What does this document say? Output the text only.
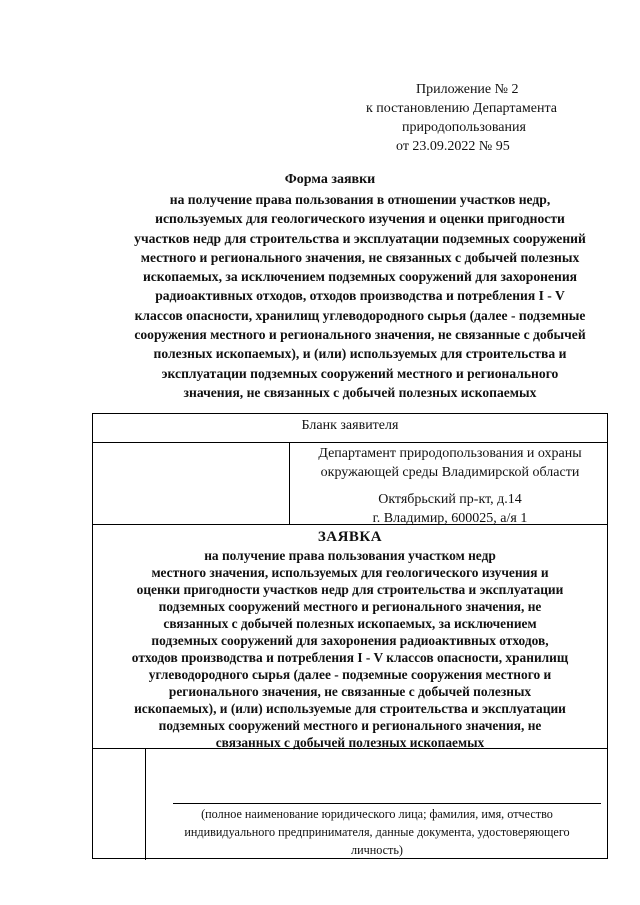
Приложение № 2
к постановлению Департамента
природопользования
от 23.09.2022 № 95
Форма заявки
на получение права пользования в отношении участков недр,
используемых для геологического изучения и оценки пригодности
участков недр для строительства и эксплуатации подземных сооружений
местного и регионального значения, не связанных с добычей полезных
ископаемых, за исключением подземных сооружений для захоронения
радиоактивных отходов, отходов производства и потребления I - V
классов опасности, хранилищ углеводородного сырья (далее - подземные
сооружения местного и регионального значения, не связанные с добычей
полезных ископаемых), и (или) используемых для строительства и
эксплуатации подземных сооружений местного и регионального
значения, не связанных с добычей полезных ископаемых
Бланк заявителя
Департамент природопользования и охраны
окружающей среды Владимирской области
Октябрьский пр-кт, д.14
г. Владимир, 600025, а/я 1
ЗАЯВКА
на получение права пользования участком недр
местного значения, используемых для геологического изучения и
оценки пригодности участков недр для строительства и эксплуатации
подземных сооружений местного и регионального значения, не
связанных с добычей полезных ископаемых, за исключением
подземных сооружений для захоронения радиоактивных отходов,
отходов производства и потребления I - V классов опасности, хранилищ
углеводородного сырья (далее - подземные сооружения местного и
регионального значения, не связанные с добычей полезных
ископаемых), и (или) используемые для строительства и эксплуатации
подземных сооружений местного и регионального значения, не
связанных с добычей полезных ископаемых
(полное наименование юридического лица; фамилия, имя, отчество
индивидуального предпринимателя, данные документа, удостоверяющего
личность)
